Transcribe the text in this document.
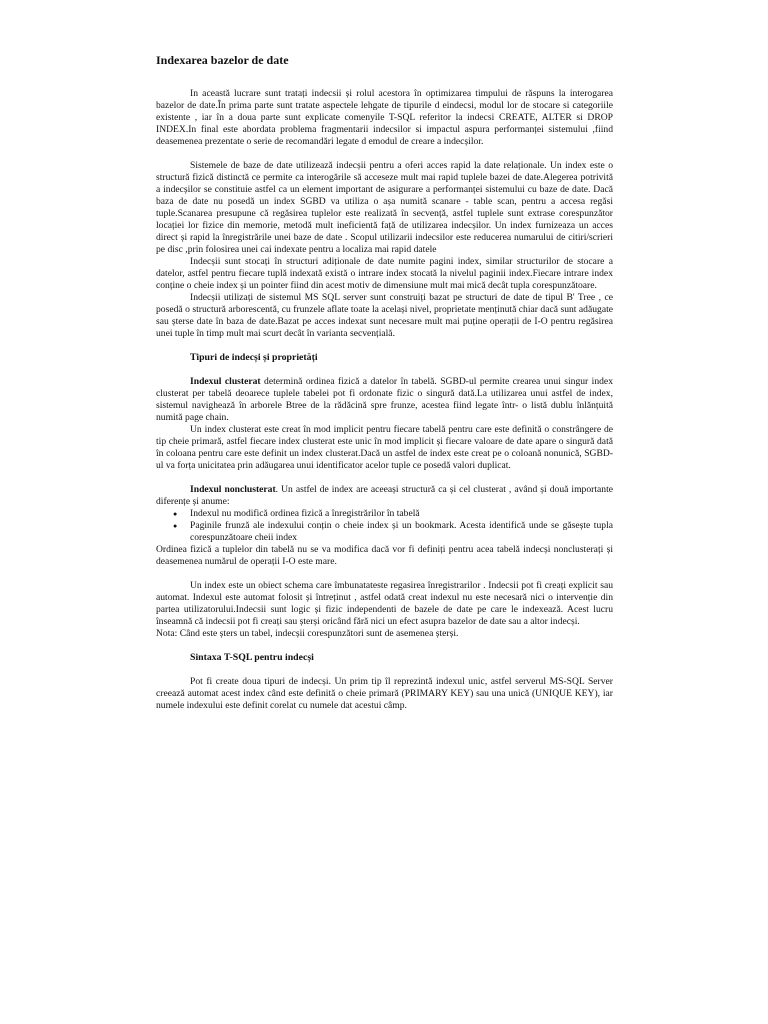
Indexarea bazelor de date

In această lucrare sunt tratați indecsii și rolul acestora în optimizarea timpului de răspuns la interogarea bazelor de date.În prima parte sunt tratate aspectele lehgate de tipurile d eindecsi, modul lor de stocare si categoriile existente , iar în a doua parte sunt explicate comenyile T-SQL referitor la indecsi CREATE, ALTER si DROP INDEX.In final este abordata problema fragmentarii indecsilor si impactul aspura performanței sistemului ,fiind deasemenea prezentate o serie de recomandări legate d emodul de creare a indecșilor.

Sistemele de baze de date utilizează indecșii pentru a oferi acces rapid la date relaționale. Un index este o structură fizică distinctă ce permite ca interogările să acceseze mult mai rapid tuplele bazei de date.Alegerea potrivită a indecșilor se constituie astfel ca un element important de asigurare a performanței sistemului cu baze de date. Dacă baza de date nu posedă un index SGBD va utiliza o așa numită scanare - table scan, pentru a accesa regăsi tuple.Scanarea presupune că regăsirea tuplelor este realizată în secvență, astfel tuplele sunt extrase corespunzător locației lor fizice din memorie, metodă mult ineficientă față de utilizarea indecșilor. Un index furnizeaza un acces direct și rapid la înregistrările unei baze de date . Scopul utilizarii indecsilor este reducerea numarului de citiri/scrieri pe disc ,prin folosirea unei cai indexate pentru a localiza mai rapid datele

Indecșii sunt stocați în structuri adiționale de date numite pagini index, similar structurilor de stocare a datelor, astfel pentru fiecare tuplă indexată există o intrare index stocată la nivelul paginii index.Fiecare intrare index conține o cheie index și un pointer fiind din acest motiv de dimensiune mult mai mică decât tupla corespunzătoare.

Indecșii utilizați de sistemul MS SQL server sunt construiți bazat pe structuri de date de tipul B' Tree , ce posedă o structură arborescentă, cu frunzele aflate toate la același nivel, proprietate menținută chiar dacă sunt adăugate sau șterse date în baza de date.Bazat pe acces indexat sunt necesare mult mai puține operații de I-O pentru regăsirea unei tuple în timp mult mai scurt decât în varianta secvențială.

Tipuri de indecși și proprietăți

Indexul clusterat determină ordinea fizică a datelor în tabelă. SGBD-ul permite crearea unui singur index clusterat per tabelă deoarece tuplele tabelei pot fi ordonate fizic o singură dată.La utilizarea unui astfel de index, sistemul navighează în arborele Btree de la rădăcină spre frunze, acestea fiind legate într- o listă dublu înlănțuită numită page chain.

Un index clusterat este creat în mod implicit pentru fiecare tabelă pentru care este definită o constrângere de tip cheie primară, astfel fiecare index clusterat este unic în mod implicit și fiecare valoare de date apare o singură dată în coloana pentru care este definit un index clusterat.Dacă un astfel de index este creat pe o coloană nonunică, SGBD-ul va forța unicitatea prin adăugarea unui identificator acelor tuple ce posedă valori duplicat.

Indexul nonclusterat. Un astfel de index are aceeași structură ca și cel clusterat , având și două importante diferențe și anume:

● Indexul nu modifică ordinea fizică a înregistrărilor în tabelă
● Paginile frunză ale indexului conțin o cheie index și un bookmark. Acesta identifică unde se găsește tupla corespunzătoare cheii index

Ordinea fizică a tuplelor din tabelă nu se va modifica dacă vor fi definiți pentru acea tabelă indecși nonclusterați și deasemenea numărul de operații I-O este mare.

Un index este un obiect schema care îmbunatateste regasirea înregistrarilor . Indecsii pot fi creați explicit sau automat. Indexul este automat folosit și întreținut , astfel odată creat indexul nu este necesară nici o intervenție din partea utilizatorului.Indecsii sunt logic și fizic independenti de bazele de date pe care le indexează. Acest lucru înseamnă că indecsii pot fi creați sau șterși oricând fără nici un efect asupra bazelor de date sau a altor indecși.

Nota: Când este șters un tabel, indecșii corespunzători sunt de asemenea șterși.

Sintaxa T-SQL pentru indecși

Pot fi create doua tipuri de indecși. Un prim tip îl reprezintă indexul unic, astfel serverul MS-SQL Server creează automat acest index când este definită o cheie primară (PRIMARY KEY) sau una unică (UNIQUE KEY), iar numele indexului este definit corelat cu numele dat acestui câmp.
